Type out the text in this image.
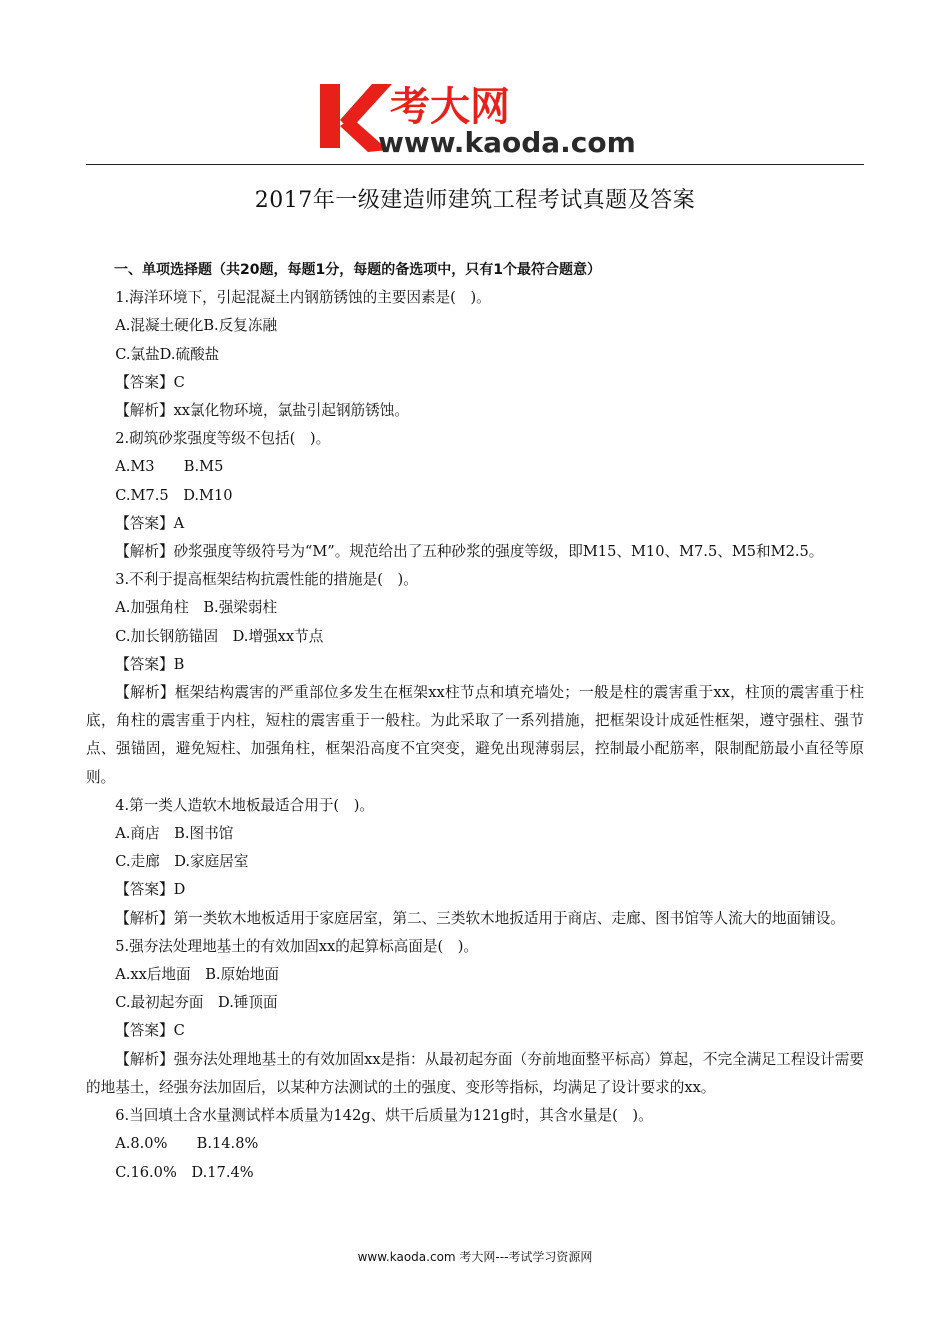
考大网
www.kaoda.com
2017年一级建造师建筑工程考试真题及答案
一、单项选择题（共20题，每题1分，每题的备选项中，只有1个最符合题意）
1.海洋环境下，引起混凝土内钢筋锈蚀的主要因素是(　)。
A.混凝土硬化B.反复冻融
C.氯盐D.硫酸盐
【答案】C
【解析】xx氯化物环境，氯盐引起钢筋锈蚀。
2.砌筑砂浆强度等级不包括(　)。
A.M3　　B.M5
C.M7.5　D.M10
【答案】A
【解析】砂浆强度等级符号为“M”。规范给出了五种砂浆的强度等级，即M15、M10、M7.5、M5和M2.5。
3.不利于提高框架结构抗震性能的措施是(　)。
A.加强角柱　B.强梁弱柱
C.加长钢筋锚固　D.增强xx节点
【答案】B
【解析】框架结构震害的严重部位多发生在框架xx柱节点和填充墙处；一般是柱的震害重于xx，柱顶的震害重于柱底，角柱的震害重于内柱，短柱的震害重于一般柱。为此采取了一系列措施，把框架设计成延性框架，遵守强柱、强节点、强锚固，避免短柱、加强角柱，框架沿高度不宜突变，避免出现薄弱层，控制最小配筋率，限制配筋最小直径等原则。
4.第一类人造软木地板最适合用于(　)。
A.商店　B.图书馆
C.走廊　D.家庭居室
【答案】D
【解析】第一类软木地板适用于家庭居室，第二、三类软木地扳适用于商店、走廊、图书馆等人流大的地面铺设。
5.强夯法处理地基土的有效加固xx的起算标高面是(　)。
A.xx后地面　B.原始地面
C.最初起夯面　D.锤顶面
【答案】C
【解析】强夯法处理地基土的有效加固xx是指：从最初起夯面（夯前地面整平标高）算起，不完全满足工程设计需要的地基土，经强夯法加固后，以某种方法测试的土的强度、变形等指标，均满足了设计要求的xx。
6.当回填土含水量测试样本质量为142g、烘干后质量为121g时，其含水量是(　)。
A.8.0%　　B.14.8%
C.16.0%　D.17.4%
www.kaoda.com 考大网---考试学习资源网
